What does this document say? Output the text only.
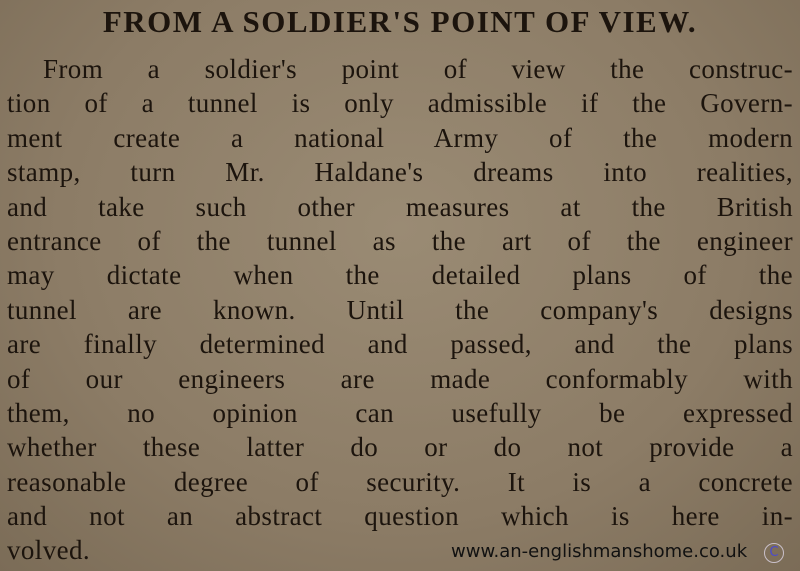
FROM A SOLDIER'S POINT OF VIEW.
From a soldier's point of view the construc-
tion of a tunnel is only admissible if the Govern-
ment create a national Army of the modern
stamp, turn Mr. Haldane's dreams into realities,
and take such other measures at the British
entrance of the tunnel as the art of the engineer
may dictate when the detailed plans of the
tunnel are known. Until the company's designs
are finally determined and passed, and the plans
of our engineers are made conformably with
them, no opinion can usefully be expressed
whether these latter do or do not provide a
reasonable degree of security. It is a concrete
and not an abstract question which is here in-
volved.	www.an-englishmanshome.co.uk	C
